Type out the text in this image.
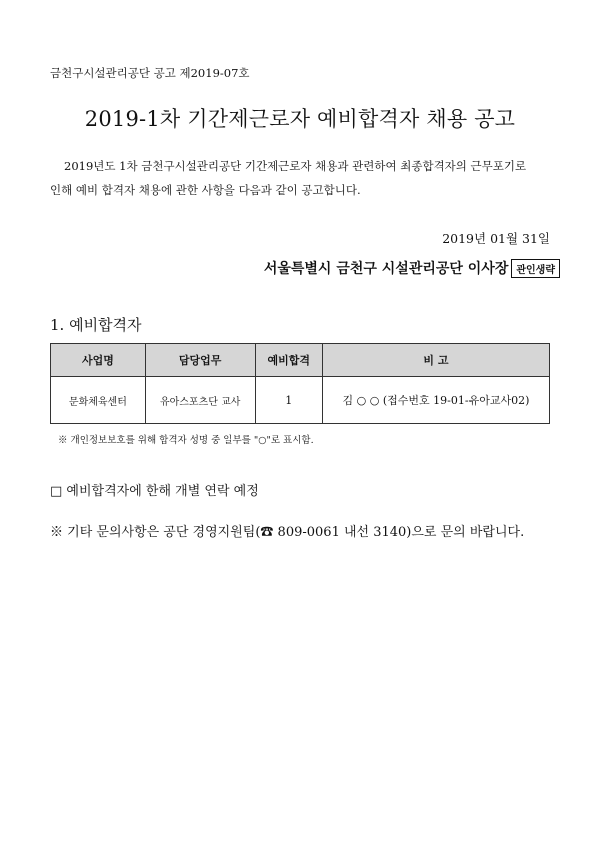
금천구시설관리공단 공고 제2019-07호
2019-1차 기간제근로자 예비합격자 채용 공고
2019년도 1차 금천구시설관리공단 기간제근로자 채용과 관련하여 최종합격자의 근무포기로
인해 예비 합격자 채용에 관한 사항을 다음과 같이 공고합니다.
2019년 01월 31일
서울특별시 금천구 시설관리공단 이사장 관인생략
1. 예비합격자
사업명	담당업무	예비합격	비 고
문화체육센터	유아스포츠단 교사	1	김 ○ ○ (접수번호 19-01-유아교사02)
※ 개인정보보호를 위해 합격자 성명 중 일부를 "○"로 표시함.
□ 예비합격자에 한해 개별 연락 예정
※ 기타 문의사항은 공단 경영지원팀(☎ 809-0061 내선 3140)으로 문의 바랍니다.
